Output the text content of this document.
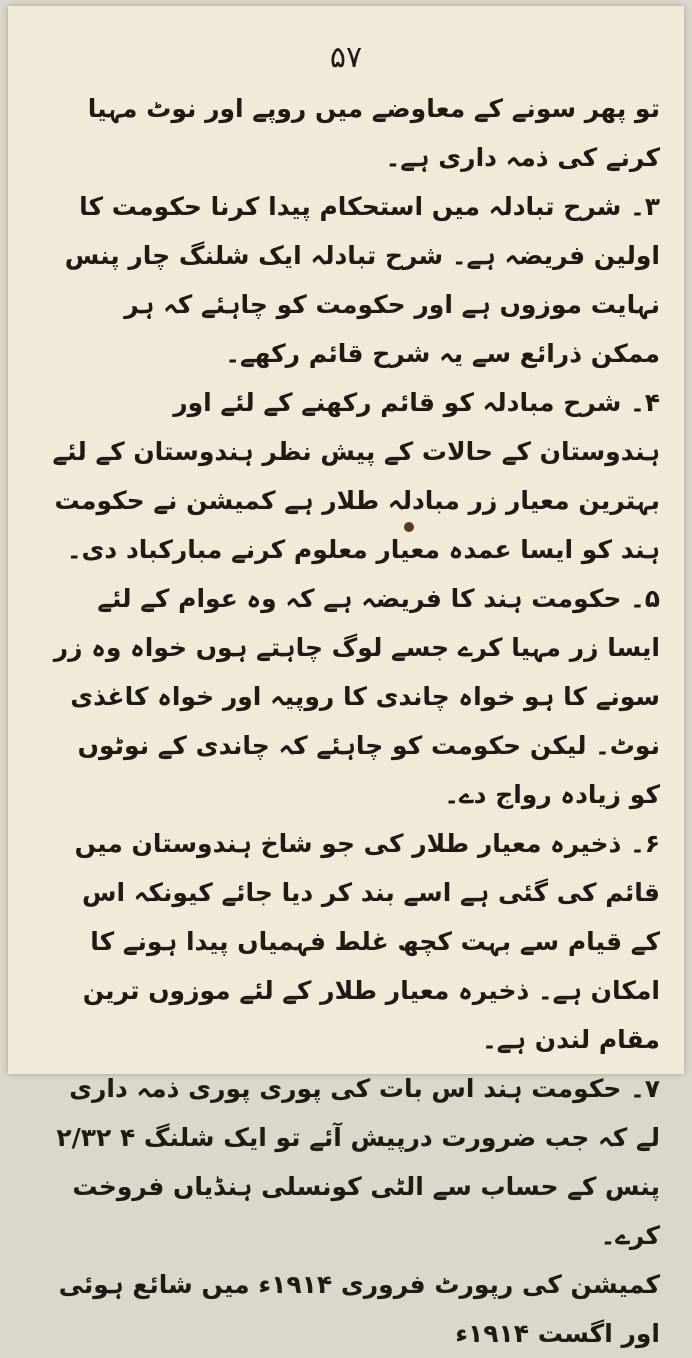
۵۷

تو پھر سونے کے معاوضے میں روپے اور نوٹ مہیا کرنے کی ذمہ داری ہے۔

۳۔ شرح تبادلہ میں استحکام پیدا کرنا حکومت کا اولین فریضہ ہے۔ شرح تبادلہ ایک شلنگ چار پنس نہایت موزوں ہے اور حکومت کو چاہئے کہ ہر ممکن ذرائع سے یہ شرح قائم رکھے۔

۴۔ شرح مبادلہ کو قائم رکھنے کے لئے اور ہندوستان کے حالات کے پیش نظر ہندوستان کے لئے بہترین معیار زر مبادلہ طلار ہے کمیشن نے حکومت ہند کو ایسا عمدہ معیار معلوم کرنے مبارکباد دی۔

۵۔ حکومت ہند کا فریضہ ہے کہ وہ عوام کے لئے ایسا زر مہیا کرے جسے لوگ چاہتے ہوں خواہ وہ زر سونے کا ہو خواہ چاندی کا روپیہ اور خواہ کاغذی نوٹ۔ لیکن حکومت کو چاہئے کہ چاندی کے نوٹوں کو زیادہ رواج دے۔

۶۔ ذخیرہ معیار طلار کی جو شاخ ہندوستان میں قائم کی گئی ہے اسے بند کر دیا جائے کیونکہ اس کے قیام سے بہت کچھ غلط فہمیاں پیدا ہونے کا امکان ہے۔ ذخیرہ معیار طلار کے لئے موزوں ترین مقام لندن ہے۔

۷۔ حکومت ہند اس بات کی پوری پوری ذمہ داری لے کہ جب ضرورت درپیش آئے تو ایک شلنگ ۴ ۲/۳۲ پنس کے حساب سے الٹی کونسلی ہنڈیاں فروخت کرے۔

کمیشن کی رپورٹ فروری ۱۹۱۴ء میں شائع ہوئی اور اگست ۱۹۱۴ء
